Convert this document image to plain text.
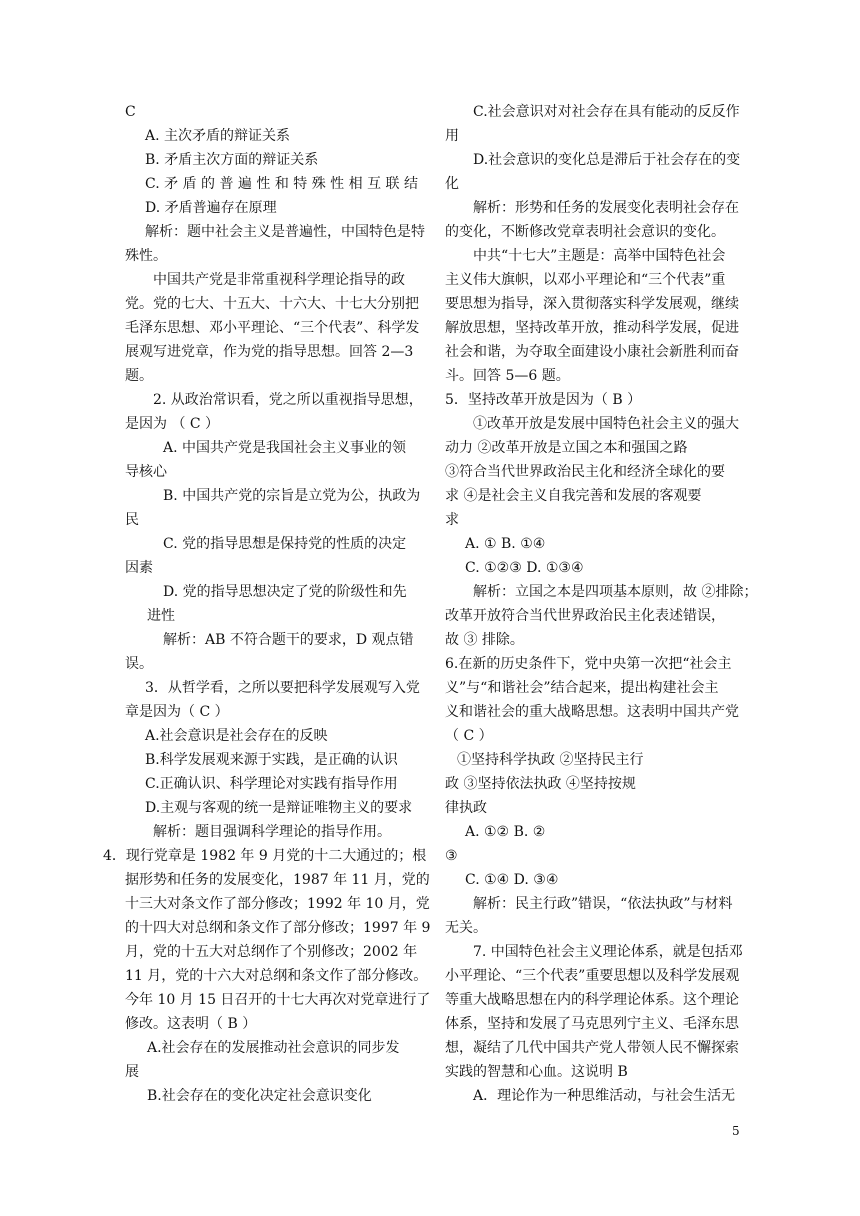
C
A. 主次矛盾的辩证关系
B. 矛盾主次方面的辩证关系
C. 矛 盾 的 普 遍 性 和 特 殊 性 相 互 联 结
D. 矛盾普遍存在原理
解析：题中社会主义是普遍性，中国特色是特
殊性。
中国共产党是非常重视科学理论指导的政
党。党的七大、十五大、十六大、十七大分别把
毛泽东思想、邓小平理论、“三个代表”、科学发
展观写进党章，作为党的指导思想。回答 2—3
题。
2. 从政治常识看，党之所以重视指导思想，
是因为 （ C ）
A. 中国共产党是我国社会主义事业的领
导核心
B. 中国共产党的宗旨是立党为公，执政为
民
C. 党的指导思想是保持党的性质的决定
因素
D. 党的指导思想决定了党的阶级性和先
进性
解析：AB 不符合题干的要求，D 观点错
误。
3．从哲学看，之所以要把科学发展观写入党
章是因为（ C ）
A.社会意识是社会存在的反映
B.科学发展观来源于实践，是正确的认识
C.正确认识、科学理论对实践有指导作用
D.主观与客观的统一是辩证唯物主义的要求
解析：题目强调科学理论的指导作用。
4．现行党章是 1982 年 9 月党的十二大通过的；根
据形势和任务的发展变化，1987 年 11 月，党的
十三大对条文作了部分修改；1992 年 10 月，党
的十四大对总纲和条文作了部分修改；1997 年 9
月，党的十五大对总纲作了个别修改；2002 年
11 月，党的十六大对总纲和条文作了部分修改。
今年 10 月 15 日召开的十七大再次对党章进行了
修改。这表明（ B ）
A.社会存在的发展推动社会意识的同步发
展
B.社会存在的变化决定社会意识变化
C.社会意识对对社会存在具有能动的反反作
用
D.社会意识的变化总是滞后于社会存在的变
化
解析：形势和任务的发展变化表明社会存在
的变化，不断修改党章表明社会意识的变化。
中共“十七大”主题是：高举中国特色社会
主义伟大旗帜，以邓小平理论和“三个代表”重
要思想为指导，深入贯彻落实科学发展观，继续
解放思想，坚持改革开放，推动科学发展，促进
社会和谐，为夺取全面建设小康社会新胜利而奋
斗。回答 5—6 题。
5．坚持改革开放是因为（ B ）
①改革开放是发展中国特色社会主义的强大
动力 ②改革开放是立国之本和强国之路
③符合当代世界政治民主化和经济全球化的要
求 ④是社会主义自我完善和发展的客观要
求
A. ① B. ①④
C. ①②③ D. ①③④
解析：立国之本是四项基本原则，故 ②排除；
改革开放符合当代世界政治民主化表述错误，
故 ③ 排除。
6.在新的历史条件下，党中央第一次把“社会主
义”与“和谐社会”结合起来，提出构建社会主
义和谐社会的重大战略思想。这表明中国共产党
（ C ）
①坚持科学执政 ②坚持民主行
政 ③坚持依法执政 ④坚持按规
律执政
A. ①② B. ②
③
C. ①④ D. ③④
解析：民主行政”错误，“依法执政”与材料
无关。
7. 中国特色社会主义理论体系，就是包括邓
小平理论、“三个代表”重要思想以及科学发展观
等重大战略思想在内的科学理论体系。这个理论
体系，坚持和发展了马克思列宁主义、毛泽东思
想，凝结了几代中国共产党人带领人民不懈探索
实践的智慧和心血。这说明 B
A．理论作为一种思维活动，与社会生活无
5
